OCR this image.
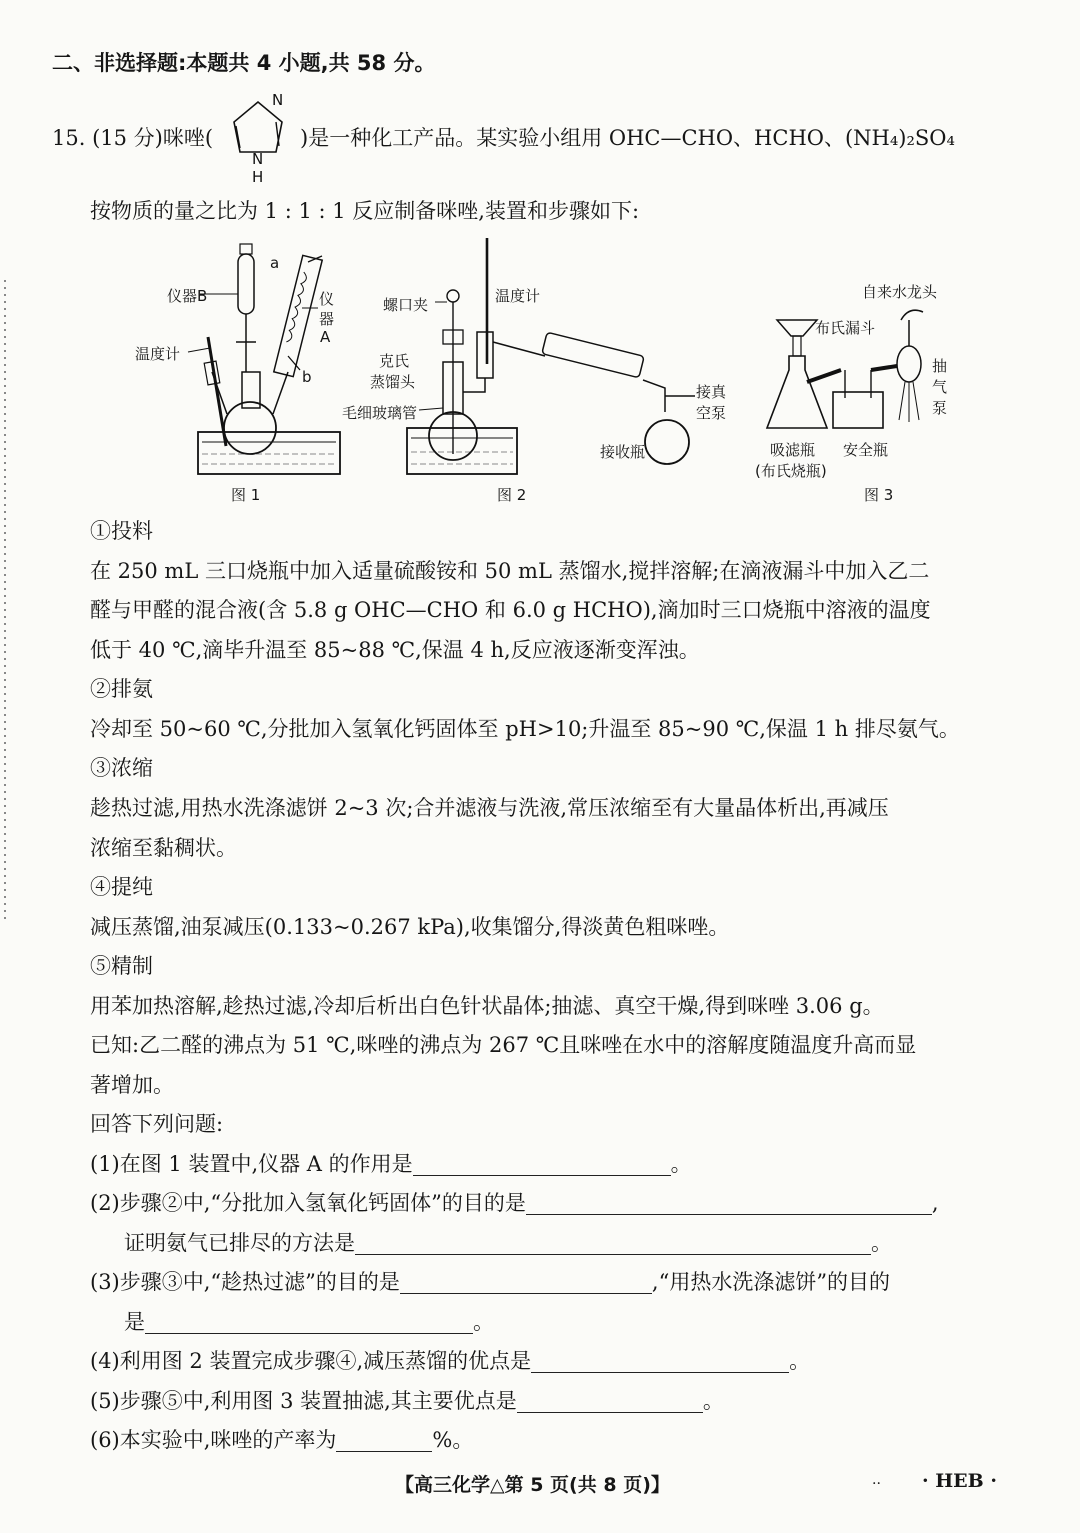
二、非选择题:本题共 4 小题,共 58 分。
15. (15 分)咪唑(
N
N
H
)是一种化工产品。某实验小组用 OHC—CHO、HCHO、(NH₄)₂SO₄
按物质的量之比为 1 : 1 : 1 反应制备咪唑,装置和步骤如下:
仪器B
a
仪
器
A
b
温度计
图 1
螺口夹	温度计
克氏
蒸馏头
毛细玻璃管
接真
空泵
接收瓶
图 2
自来水龙头
布氏漏斗
抽
气
泵
吸滤瓶 安全瓶
(布氏烧瓶)
图 3
①投料
在 250 mL 三口烧瓶中加入适量硫酸铵和 50 mL 蒸馏水,搅拌溶解;在滴液漏斗中加入乙二
醛与甲醛的混合液(含 5.8 g OHC—CHO 和 6.0 g HCHO),滴加时三口烧瓶中溶液的温度
低于 40 ℃,滴毕升温至 85~88 ℃,保温 4 h,反应液逐渐变浑浊。
②排氨
冷却至 50~60 ℃,分批加入氢氧化钙固体至 pH>10;升温至 85~90 ℃,保温 1 h 排尽氨气。
③浓缩
趁热过滤,用热水洗涤滤饼 2~3 次;合并滤液与洗液,常压浓缩至有大量晶体析出,再减压
浓缩至黏稠状。
④提纯
减压蒸馏,油泵减压(0.133~0.267 kPa),收集馏分,得淡黄色粗咪唑。
⑤精制
用苯加热溶解,趁热过滤,冷却后析出白色针状晶体;抽滤、真空干燥,得到咪唑 3.06 g。
已知:乙二醛的沸点为 51 ℃,咪唑的沸点为 267 ℃且咪唑在水中的溶解度随温度升高而显
著增加。
回答下列问题:
(1)在图 1 装置中,仪器 A 的作用是	。
(2)步骤②中,“分批加入氢氧化钙固体”的目的是	,
证明氨气已排尽的方法是	。
(3)步骤③中,“趁热过滤”的目的是	,“用热水洗涤滤饼”的目的
是	。
(4)利用图 2 装置完成步骤④,减压蒸馏的优点是	。
(5)步骤⑤中,利用图 3 装置抽滤,其主要优点是	。
(6)本实验中,咪唑的产率为	%。
【高三化学△第 5 页(共 8 页)】	.. · HEB ·
